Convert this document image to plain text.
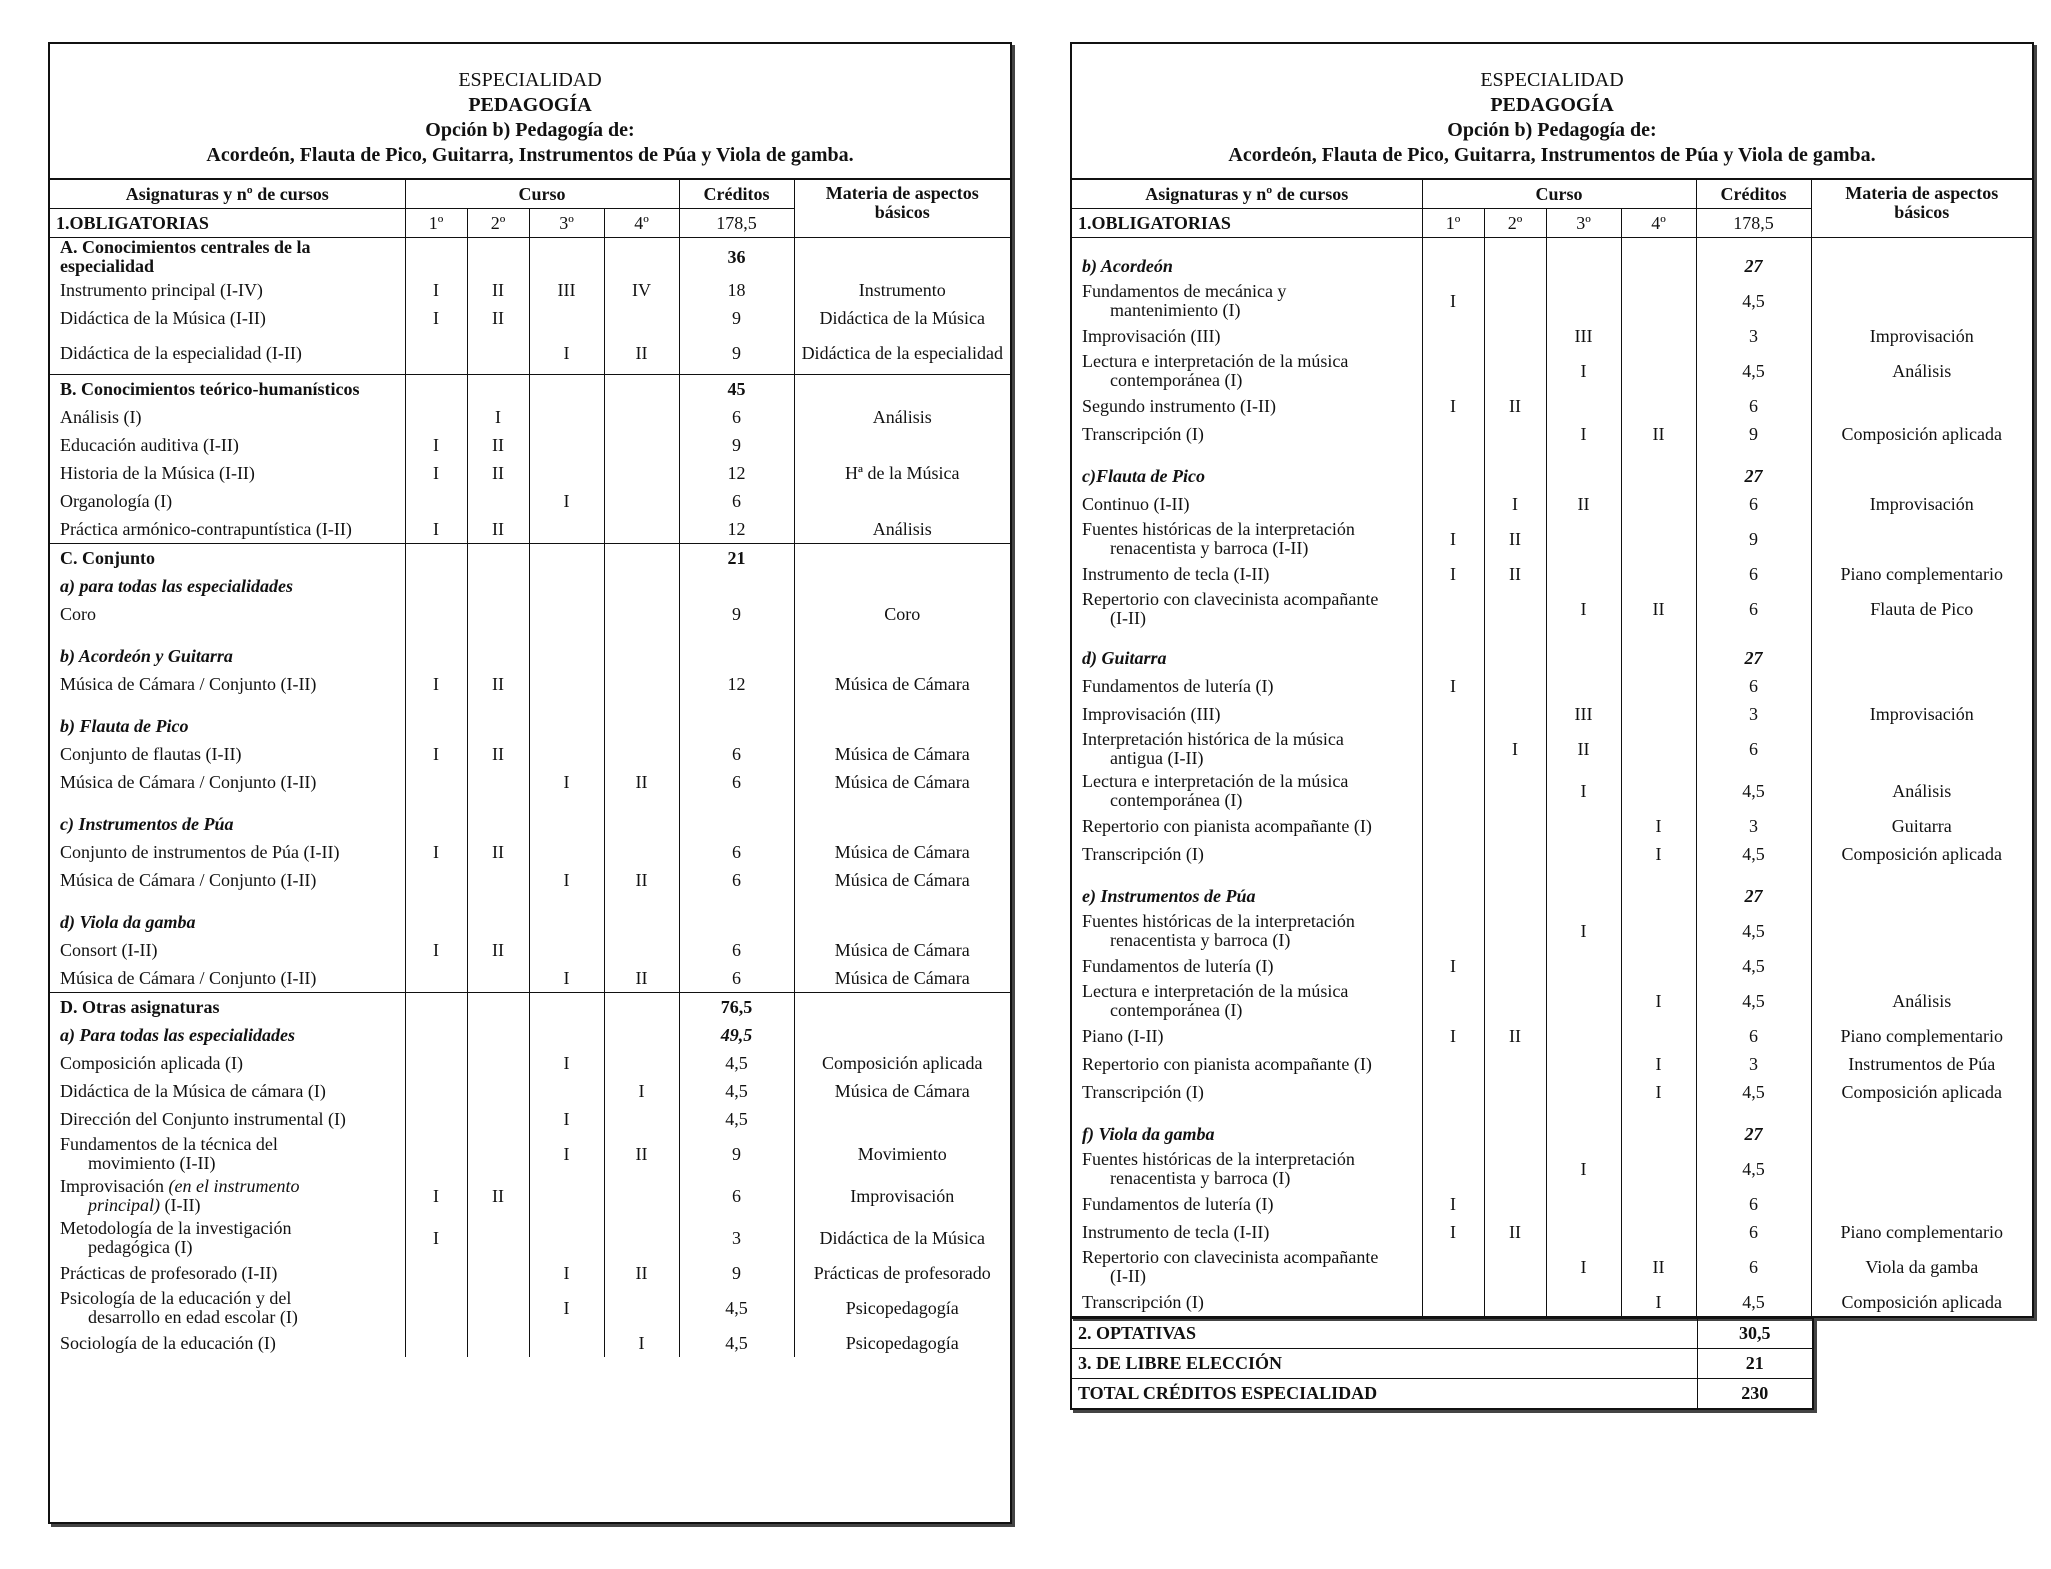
ESPECIALIDAD
PEDAGOGÍA
Opción b) Pedagogía de:
Acordeón, Flauta de Pico, Guitarra, Instrumentos de Púa y Viola de gamba.
Asignaturas y nº de cursos	Curso				Créditos	Materia de aspectos básicos
1.OBLIGATORIAS	1º	2º	3º	4º	178,5	
A. Conocimientos centrales de la especialidad					36	
Instrumento principal (I-IV)	I	II	III	IV	18	Instrumento
Didáctica de la Música (I-II)	I	II			9	Didáctica de la Música
Didáctica de la especialidad (I-II)			I	II	9	Didáctica de la especialidad
B. Conocimientos teórico-humanísticos					45	
Análisis (I)		I			6	Análisis
Educación auditiva (I-II)	I	II			9	
Historia de la Música (I-II)	I	II			12	Hª de la Música
Organología (I)			I		6	
Práctica armónico-contrapuntística (I-II)	I	II			12	Análisis
C. Conjunto					21	
a) para todas las especialidades						
Coro					9	Coro

b) Acordeón y Guitarra						
Música de Cámara / Conjunto (I-II)	I	II			12	Música de Cámara

b) Flauta de Pico						
Conjunto de flautas (I-II)	I	II			6	Música de Cámara
Música de Cámara / Conjunto (I-II)			I	II	6	Música de Cámara

c) Instrumentos de Púa						
Conjunto de instrumentos de Púa (I-II)	I	II			6	Música de Cámara
Música de Cámara / Conjunto (I-II)			I	II	6	Música de Cámara

d) Viola da gamba						
Consort (I-II)	I	II			6	Música de Cámara
Música de Cámara / Conjunto (I-II)			I	II	6	Música de Cámara
D. Otras asignaturas					76,5	
a) Para todas las especialidades					49,5	
Composición aplicada (I)			I		4,5	Composición aplicada
Didáctica de la Música de cámara (I)				I	4,5	Música de Cámara
Dirección del Conjunto instrumental (I)			I		4,5	
Fundamentos de la técnica del
movimiento (I-II)			I	II	9	Movimiento
Improvisación (en el instrumento
principal) (I-II)	I	II			6	Improvisación
Metodología de la investigación
pedagógica (I)	I				3	Didáctica de la Música
Prácticas de profesorado (I-II)			I	II	9	Prácticas de profesorado
Psicología de la educación y del
desarrollo en edad escolar (I)			I		4,5	Psicopedagogía
Sociología de la educación (I)				I	4,5	Psicopedagogía
ESPECIALIDAD
PEDAGOGÍA
Opción b) Pedagogía de:
Acordeón, Flauta de Pico, Guitarra, Instrumentos de Púa y Viola de gamba.
Asignaturas y nº de cursos	Curso				Créditos	Materia de aspectos básicos
1.OBLIGATORIAS	1º	2º	3º	4º	178,5	

b) Acordeón					27	
Fundamentos de mecánica y
mantenimiento (I)	I				4,5	
Improvisación (III)			III		3	Improvisación
Lectura e interpretación de la música
contemporánea (I)			I		4,5	Análisis
Segundo instrumento (I-II)	I	II			6	
Transcripción (I)			I	II	9	Composición aplicada

c)Flauta de Pico					27	
Continuo (I-II)		I	II		6	Improvisación
Fuentes históricas de la interpretación
renacentista y barroca (I-II)	I	II			9	
Instrumento de tecla (I-II)	I	II			6	Piano complementario
Repertorio con clavecinista acompañante
(I-II)			I	II	6	Flauta de Pico

d) Guitarra					27	
Fundamentos de lutería (I)	I				6	
Improvisación (III)			III		3	Improvisación
Interpretación histórica de la música
antigua (I-II)		I	II		6	
Lectura e interpretación de la música
contemporánea (I)			I		4,5	Análisis
Repertorio con pianista acompañante (I)				I	3	Guitarra
Transcripción (I)				I	4,5	Composición aplicada

e) Instrumentos de Púa					27	
Fuentes históricas de la interpretación
renacentista y barroca (I)			I		4,5	
Fundamentos de lutería (I)	I				4,5	
Lectura e interpretación de la música
contemporánea (I)				I	4,5	Análisis
Piano (I-II)	I	II			6	Piano complementario
Repertorio con pianista acompañante (I)				I	3	Instrumentos de Púa
Transcripción (I)				I	4,5	Composición aplicada

f) Viola da gamba					27	
Fuentes históricas de la interpretación
renacentista y barroca (I)			I		4,5	
Fundamentos de lutería (I)	I				6	
Instrumento de tecla (I-II)	I	II			6	Piano complementario
Repertorio con clavecinista acompañante
(I-II)			I	II	6	Viola da gamba
Transcripción (I)				I	4,5	Composición aplicada
2. OPTATIVAS	30,5
3. DE LIBRE ELECCIÓN	21
TOTAL CRÉDITOS ESPECIALIDAD	230
